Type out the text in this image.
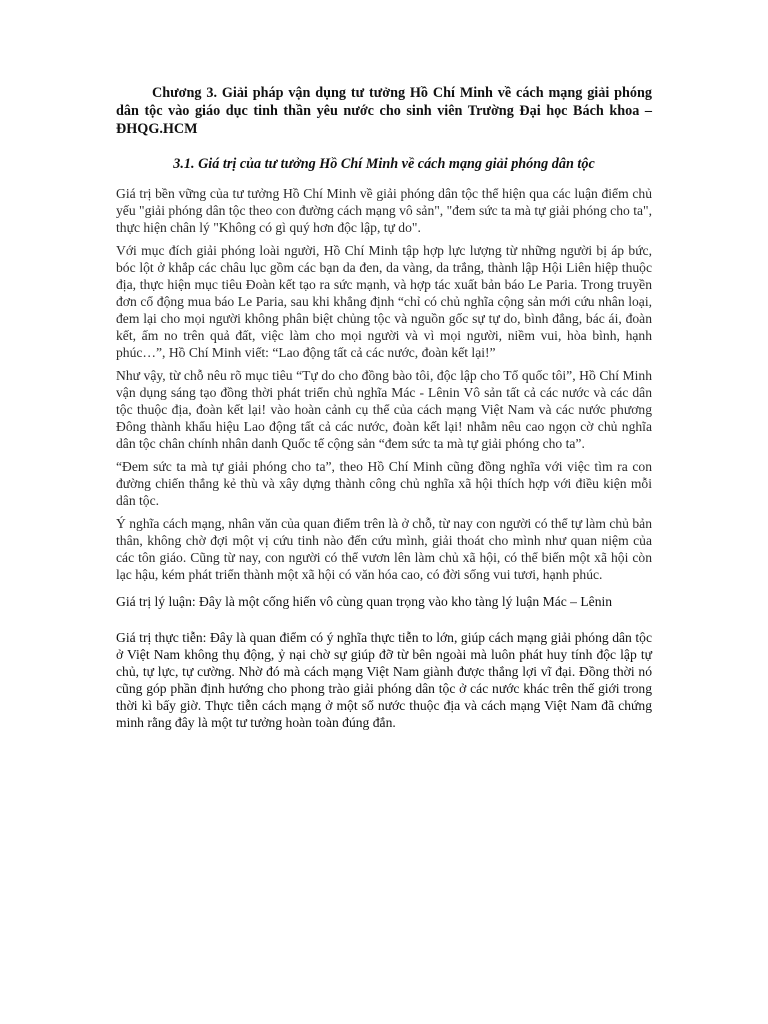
Chương 3. Giải pháp vận dụng tư tưởng Hồ Chí Minh về cách mạng giải phóng dân tộc vào giáo dục tinh thần yêu nước cho sinh viên Trường Đại học Bách khoa – ĐHQG.HCM

3.1. Giá trị của tư tưởng Hồ Chí Minh về cách mạng giải phóng dân tộc

Giá trị bền vững của tư tưởng Hồ Chí Minh về giải phóng dân tộc thể hiện qua các luận điểm chủ yếu "giải phóng dân tộc theo con đường cách mạng vô sản", "đem sức ta mà tự giải phóng cho ta", thực hiện chân lý "Không có gì quý hơn độc lập, tự do".

Với mục đích giải phóng loài người, Hồ Chí Minh tập hợp lực lượng từ những người bị áp bức, bóc lột ở khắp các châu lục gồm các bạn da đen, da vàng, da trắng, thành lập Hội Liên hiệp thuộc địa, thực hiện mục tiêu Đoàn kết tạo ra sức mạnh, và hợp tác xuất bản báo Le Paria. Trong truyền đơn cổ động mua báo Le Paria, sau khi khẳng định “chỉ có chủ nghĩa cộng sản mới cứu nhân loại, đem lại cho mọi người không phân biệt chủng tộc và nguồn gốc sự tự do, bình đẳng, bác ái, đoàn kết, ấm no trên quả đất, việc làm cho mọi người và vì mọi người, niềm vui, hòa bình, hạnh phúc…”, Hồ Chí Minh viết: “Lao động tất cả các nước, đoàn kết lại!”

Như vậy, từ chỗ nêu rõ mục tiêu “Tự do cho đồng bào tôi, độc lập cho Tổ quốc tôi”, Hồ Chí Minh vận dụng sáng tạo đồng thời phát triển chủ nghĩa Mác - Lênin Vô sản tất cả các nước và các dân tộc thuộc địa, đoàn kết lại! vào hoàn cảnh cụ thể của cách mạng Việt Nam và các nước phương Đông thành khẩu hiệu Lao động tất cả các nước, đoàn kết lại! nhằm nêu cao ngọn cờ chủ nghĩa dân tộc chân chính nhân danh Quốc tế cộng sản “đem sức ta mà tự giải phóng cho ta”.

“Đem sức ta mà tự giải phóng cho ta”, theo Hồ Chí Minh cũng đồng nghĩa với việc tìm ra con đường chiến thắng kẻ thù và xây dựng thành công chủ nghĩa xã hội thích hợp với điều kiện mỗi dân tộc.

Ý nghĩa cách mạng, nhân văn của quan điểm trên là ở chỗ, từ nay con người có thể tự làm chủ bản thân, không chờ đợi một vị cứu tinh nào đến cứu mình, giải thoát cho mình như quan niệm của các tôn giáo. Cũng từ nay, con người có thể vươn lên làm chủ xã hội, có thể biến một xã hội còn lạc hậu, kém phát triển thành một xã hội có văn hóa cao, có đời sống vui tươi, hạnh phúc.

Giá trị lý luận: Đây là một cống hiến vô cùng quan trọng vào kho tàng lý luận Mác – Lênin

Giá trị thực tiễn: Đây là quan điểm có ý nghĩa thực tiễn to lớn, giúp cách mạng giải phóng dân tộc ở Việt Nam không thụ động, ỷ nại chờ sự giúp đỡ từ bên ngoài mà luôn phát huy tính độc lập tự chủ, tự lực, tự cường. Nhờ đó mà cách mạng Việt Nam giành được thắng lợi vĩ đại. Đồng thời nó cũng góp phần định hướng cho phong trào giải phóng dân tộc ở các nước khác trên thế giới trong thời kì bấy giờ. Thực tiễn cách mạng ở một số nước thuộc địa và cách mạng Việt Nam đã chứng minh rằng đây là một tư tưởng hoàn toàn đúng đắn.
